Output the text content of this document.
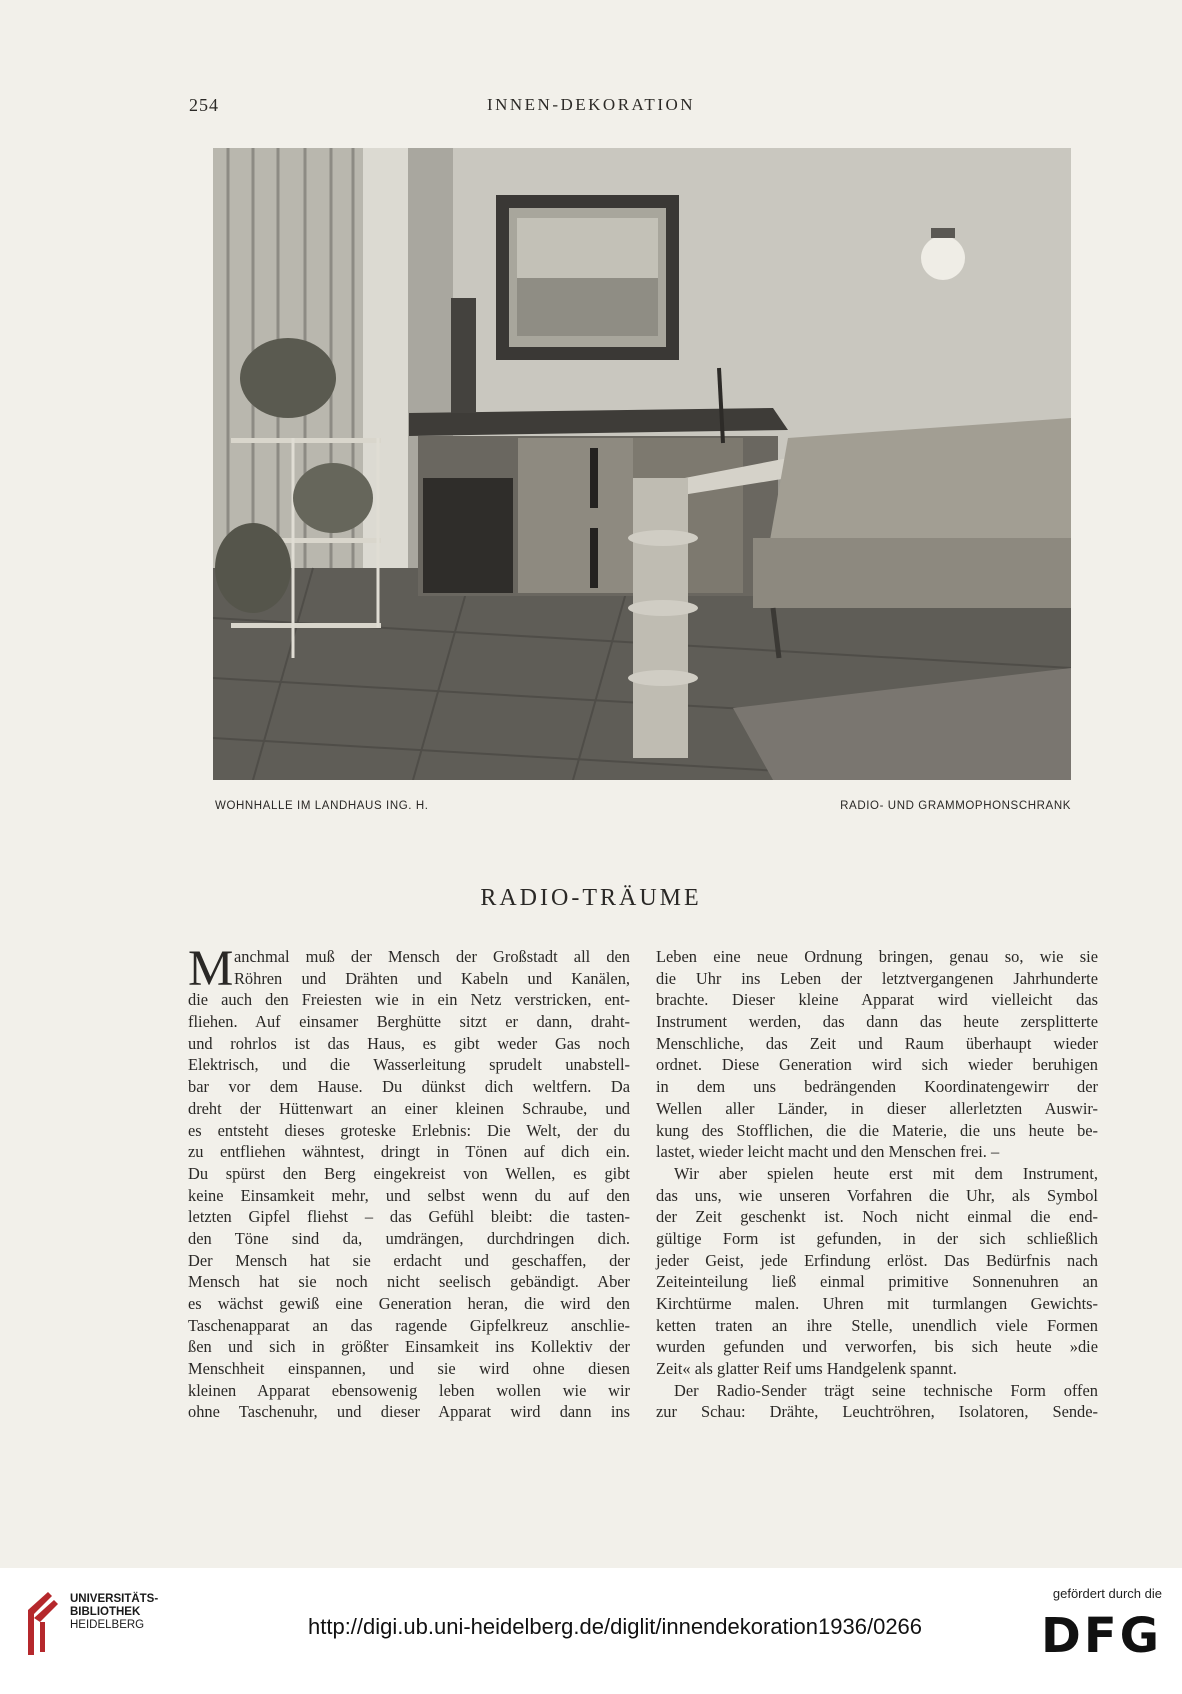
254	INNEN-DEKORATION
WOHNHALLE IM LANDHAUS ING. H.	RADIO- UND GRAMMOPHONSCHRANK
RADIO-TRÄUME
M anchmal muß der Mensch der Großstadt all den
Röhren und Drähten und Kabeln und Kanälen,
die auch den Freiesten wie in ein Netz verstricken, ent-
fliehen. Auf einsamer Berghütte sitzt er dann, draht-
und rohrlos ist das Haus, es gibt weder Gas noch
Elektrisch, und die Wasserleitung sprudelt unabstell-
bar vor dem Hause. Du dünkst dich weltfern. Da
dreht der Hüttenwart an einer kleinen Schraube, und
es entsteht dieses groteske Erlebnis: Die Welt, der du
zu entfliehen wähntest, dringt in Tönen auf dich ein.
Du spürst den Berg eingekreist von Wellen, es gibt
keine Einsamkeit mehr, und selbst wenn du auf den
letzten Gipfel fliehst – das Gefühl bleibt: die tasten-
den Töne sind da, umdrängen, durchdringen dich.
Der Mensch hat sie erdacht und geschaffen, der
Mensch hat sie noch nicht seelisch gebändigt. Aber
es wächst gewiß eine Generation heran, die wird den
Taschenapparat an das ragende Gipfelkreuz anschlie-
ßen und sich in größter Einsamkeit ins Kollektiv der
Menschheit einspannen, und sie wird ohne diesen
kleinen Apparat ebensowenig leben wollen wie wir
ohne Taschenuhr, und dieser Apparat wird dann ins
Leben eine neue Ordnung bringen, genau so, wie sie
die Uhr ins Leben der letztvergangenen Jahrhunderte
brachte. Dieser kleine Apparat wird vielleicht das
Instrument werden, das dann das heute zersplitterte
Menschliche, das Zeit und Raum überhaupt wieder
ordnet. Diese Generation wird sich wieder beruhigen
in dem uns bedrängenden Koordinatengewirr der
Wellen aller Länder, in dieser allerletzten Auswir-
kung des Stofflichen, die die Materie, die uns heute be-
lastet, wieder leicht macht und den Menschen frei. –
Wir aber spielen heute erst mit dem Instrument,
das uns, wie unseren Vorfahren die Uhr, als Symbol
der Zeit geschenkt ist. Noch nicht einmal die end-
gültige Form ist gefunden, in der sich schließlich
jeder Geist, jede Erfindung erlöst. Das Bedürfnis nach
Zeiteinteilung ließ einmal primitive Sonnenuhren an
Kirchtürme malen. Uhren mit turmlangen Gewichts-
ketten traten an ihre Stelle, unendlich viele Formen
wurden gefunden und verworfen, bis sich heute »die
Zeit« als glatter Reif ums Handgelenk spannt.
Der Radio-Sender trägt seine technische Form offen
zur Schau: Drähte, Leuchtröhren, Isolatoren, Sende-
UNIVERSITÄTS-
BIBLIOTHEK
HEIDELBERG	http://digi.ub.uni-heidelberg.de/diglit/innendekoration1936/0266
gefördert durch die
DFG
